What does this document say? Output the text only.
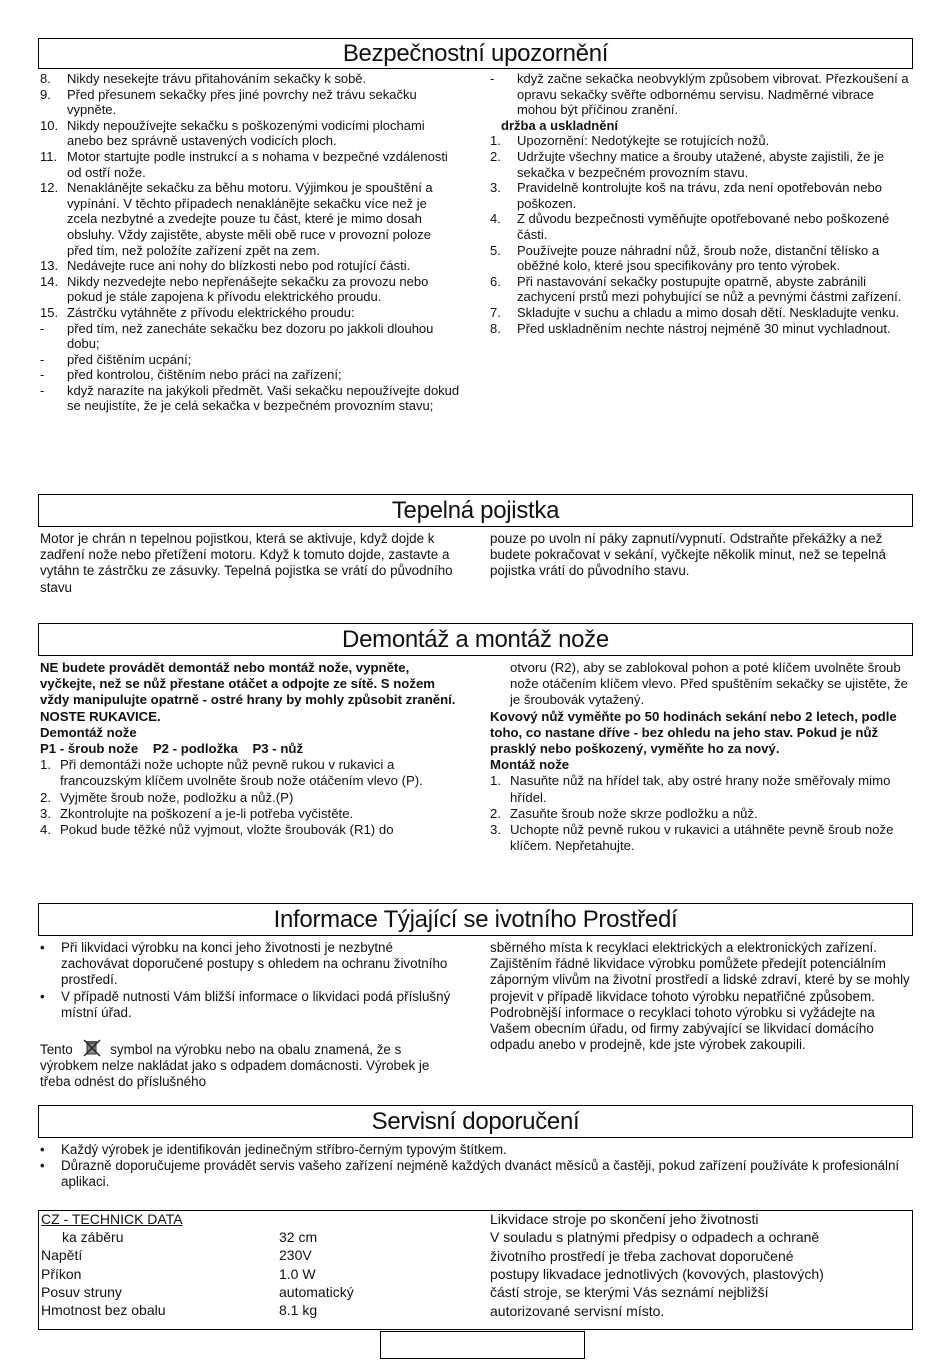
Bezpečnostní upozornění
8.	Nikdy nesekejte trávu přitahováním sekačky k sobě.
9.	Před přesunem sekačky přes jiné povrchy než trávu sekačku vypněte.
10. Nikdy nepoužívejte sekačku s poškozenými vodicími plochami anebo bez správně ustavených vodicích ploch.
11. Motor startujte podle instrukcí a s nohama v bezpečné vzdálenosti od ostří nože.
12. Nenaklánějte sekačku za běhu motoru. Výjimkou je spouštění a vypínání. V těchto případech nenaklánějte sekačku více než je zcela nezbytné a zvedejte pouze tu část, které je mimo dosah obsluhy. Vždy zajistěte, abyste měli obě ruce v provozní poloze před tím, než položíte zařízení zpět na zem.
13. Nedávejte ruce ani nohy do blízkosti nebo pod rotující části.
14. Nikdy nezvedejte nebo nepřenášejte sekačku za provozu nebo pokud je stále zapojena k přívodu elektrického proudu.
15. Zástrčku vytáhněte z přívodu elektrického proudu:
-	před tím, než zanecháte sekačku bez dozoru po jakkoli dlouhou dobu;
-	před čištěním ucpání;
-	před kontrolou, čištěním nebo práci na zařízení;
-	když narazíte na jakýkoli předmět. Vaši sekačku nepoužívejte dokud se neujistíte, že je celá sekačka v bezpečném provozním stavu;
-	když začne sekačka neobvyklým způsobem vibrovat. Přezkoušení a opravu sekačky svěřte odbornému servisu. Nadměrné vibrace mohou být příčinou zranění.
držba a uskladnění
1.	Upozornění: Nedotýkejte se rotujících nožů.
2.	Udržujte všechny matice a šrouby utažené, abyste zajistili, že je sekačka v bezpečném provozním stavu.
3.	Pravidelně kontrolujte koš na trávu, zda není opotřebován nebo poškozen.
4.	Z důvodu bezpečnosti vyměňujte opotřebované nebo poškozené části.
5.	Používejte pouze náhradní nůž, šroub nože, distanční tělísko a oběžné kolo, které jsou specifikovány pro tento výrobek.
6.	Při nastavování sekačky postupujte opatrně, abyste zabránili zachycení prstů mezi pohybující se nůž a pevnými částmi zařízení.
7.	Skladujte v suchu a chladu a mimo dosah dětí. Neskladujte venku.
8.	Před uskladněním nechte nástroj nejméně 30 minut vychladnout.
Tepelná pojistka
Motor je chrán n tepelnou pojistkou, která se aktivuje, když dojde k zadření nože nebo přetížení motoru. Když k tomuto dojde, zastavte a vytáhn te zástrčku ze zásuvky. Tepelná pojistka se vrátí do původního stavu
pouze po uvoln ní páky zapnutí/vypnutí. Odstraňte překážky a než budete pokračovat v sekání, vyčkejte několik minut, než se tepelná pojistka vrátí do původního stavu.
Demontáž a montáž nože
NE budete provádět demontáž nebo montáž nože, vypněte, vyčkejte, než se nůž přestane otáčet a odpojte ze sítě. S nožem vždy manipulujte opatrně - ostré hrany by mohly způsobit zranění.
NOSTE RUKAVICE.
Demontáž nože
P1 - šroub nože    P2 - podložka    P3 - nůž
1. Při demontáži nože uchopte nůž pevně rukou v rukavici a francouzským klíčem uvolněte šroub nože otáčením vlevo (P).
2. Vyjměte šroub nože, podložku a nůž.(P)
3. Zkontrolujte na poškození a je-li potřeba vyčistěte.
4. Pokud bude těžké nůž vyjmout, vložte šroubovák (R1) do
otvoru (R2), aby se zablokoval pohon a poté klíčem uvolněte šroub nože otáčením klíčem vlevo. Před spuštěním sekačky se ujistěte, že je šroubovák vytažený.
Kovový nůž vyměňte po 50 hodinách sekání nebo 2 letech, podle toho, co nastane dříve - bez ohledu na jeho stav. Pokud je nůž prasklý nebo poškozený, vyměňte ho za nový.
Montáž nože
1. Nasuňte nůž na hřídel tak, aby ostré hrany nože směřovaly mimo hřídel.
2. Zasuňte šroub nože skrze podložku a nůž.
3. Uchopte nůž pevně rukou v rukavici a utáhněte pevně šroub nože klíčem. Nepřetahujte.
Informace Týjající se ivotního Prostředí
•	Při likvidaci výrobku na konci jeho životnosti je nezbytné zachovávat doporučené postupy s ohledem na ochranu životního prostředí.
•	V případě nutnosti Vám bližší informace o likvidaci podá příslušný místní úřad.
Tento	symbol na výrobku nebo na obalu znamená, že s výrobkem nelze nakládat jako s odpadem domácnosti. Výrobek je třeba odnést do příslušného
sběrného místa k recyklaci elektrických a elektronických zařízení. Zajištěním řádné likvidace výrobku pomůžete předejít potenciálním záporným vlivům na životní prostředí a lidské zdraví, které by se mohly projevit v případě likvidace tohoto výrobku nepatřičné způsobem. Podrobnější informace o recyklaci tohoto výrobku si vyžádejte na Vašem obecním úřadu, od firmy zabývající se likvidací domácího odpadu anebo v prodejně, kde jste výrobek zakoupili.
Servisní doporučení
•	Každý výrobek je identifikován jedinečným stříbro-černým typovým štítkem.
•	Důrazně doporučujeme provádět servis vašeho zařízení nejméně každých dvanáct měsíců a častěji, pokud zařízení používáte k profesionální aplikaci.
CZ - TECHNICK DATA
ka záběru	32 cm
Napětí	230V
Příkon	1.0 W
Posuv struny	automatický
Hmotnost bez obalu	8.1 kg
Likvidace stroje po skončení jeho životnosti
V souladu s platnými předpisy o odpadech a ochraně
životního prostředí je třeba zachovat doporučené
postupy likvadace jednotlivých (kovových, plastových)
částí stroje, se kterými Vás seznámí nejbližší
autorizované servisní místo.
